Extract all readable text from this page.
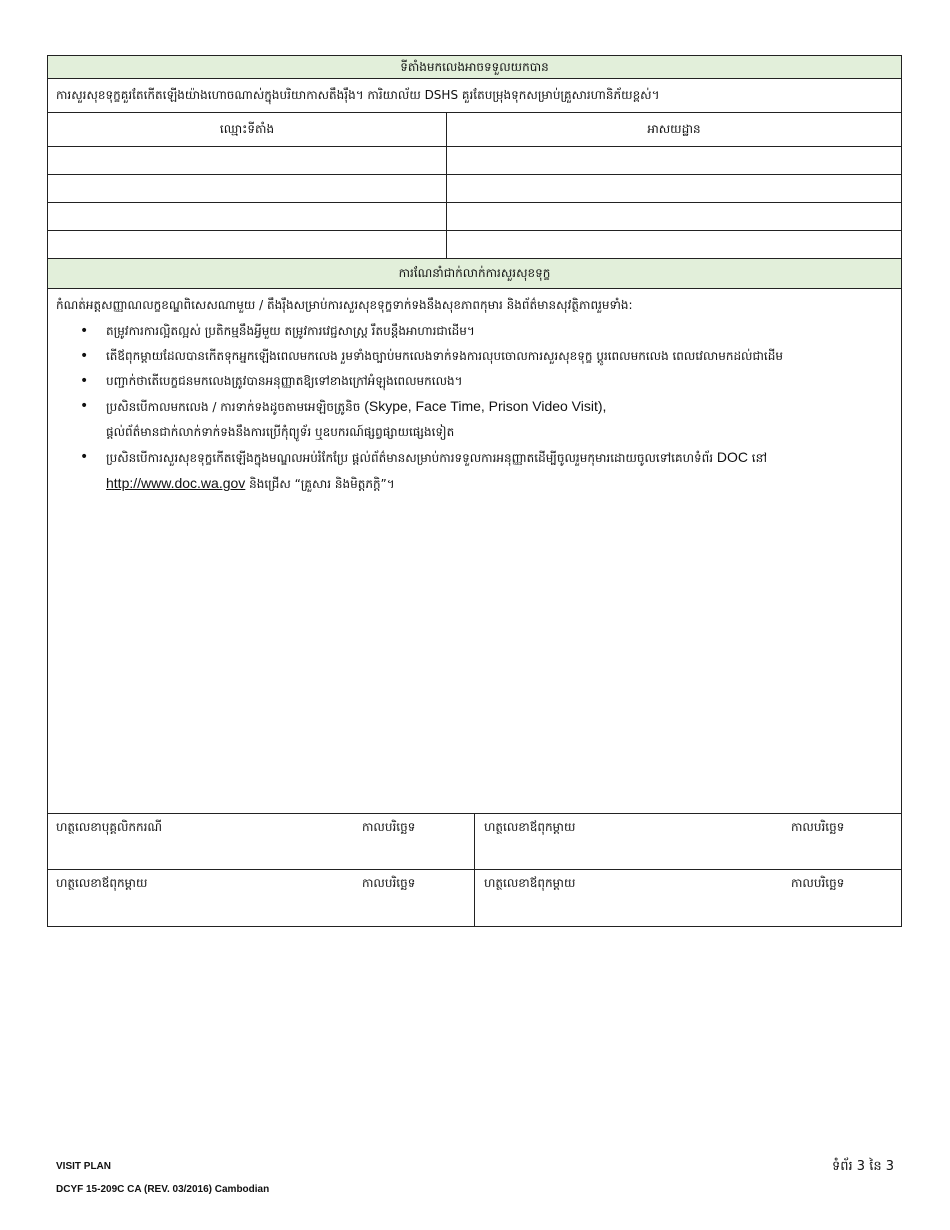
ទីតាំងមកលេងអាចទទួលយកបាន
ការសួរសុខទុក្ខគួរតែកើតឡើងយ៉ាងហោចណាស់ក្នុងបរិយាកាសតឹងរ៉ឹង។ ការិយាល័យ DSHS គួរតែបម្រុងទុកសម្រាប់គ្រួសារហានិភ័យខ្ពស់។
ឈ្មោះទីតាំង	អាសយដ្ឋាន
ការណែនាំជាក់លាក់ការសួរសុខទុក្ខ
កំណត់អត្តសញ្ញាណលក្ខខណ្ឌពិសេសណាមួយ / តឹងរ៉ឹងសម្រាប់ការសួរសុខទុក្ខទាក់ទងនឹងសុខភាពកុមារ និងព័ត៌មានសុវត្ថិភាពរួមទាំង:
• តម្រូវការការល្អិតល្អស់ ប្រតិកម្មនឹងអ្វីមួយ តម្រូវការវេជ្ជសាស្ត្រ រឹតបន្តឹងអាហារជាដើម។
• តើឪពុកម្តាយដែលបានកើតទុកអ្នកឡើងពេលមកលេង រួមទាំងច្បាប់មកលេងទាក់ទងការលុបចោលការសួរសុខទុក្ខ ប្តូរពេលមកលេង ពេលវេលាមកដល់ជាដើម
• បញ្ជាក់ថាតើបេក្ខជនមកលេងត្រូវបានអនុញ្ញាតឱ្យទៅខាងក្រៅអំឡុងពេលមកលេង។
• ប្រសិនបើកាលមកលេង / ការទាក់ទងដូចតាមអេឡិចត្រូនិច (Skype, Face Time, Prison Video Visit),
ផ្តល់ព័ត៌មានជាក់លាក់ទាក់ទងនឹងការប្រើកុំព្យូទ័រ ឬឧបករណ៍ផ្សព្វផ្សាយផ្សេងទៀត
• ប្រសិនបើការសួរសុខទុក្ខកើតឡើងក្នុងមណ្ឌលអប់រំកែប្រែ ផ្តល់ព័ត៌មានសម្រាប់ការទទួលការអនុញ្ញាតដើម្បីចូលរួមកុមារដោយចូលទៅគេហទំព័រ DOC នៅ
http://www.doc.wa.gov និងជ្រើស “គ្រួសារ និងមិត្តភក្តិ”។
ហត្ថលេខាបុគ្គលិកករណី	កាលបរិច្ឆេទ	ហត្ថលេខាឪពុកម្តាយ	កាលបរិច្ឆេទ
ហត្ថលេខាឪពុកម្តាយ	កាលបរិច្ឆេទ	ហត្ថលេខាឪពុកម្តាយ	កាលបរិច្ឆេទ
VISIT PLAN
DCYF 15-209C CA (REV. 03/2016) Cambodian
ទំព័រ 3 នៃ 3
